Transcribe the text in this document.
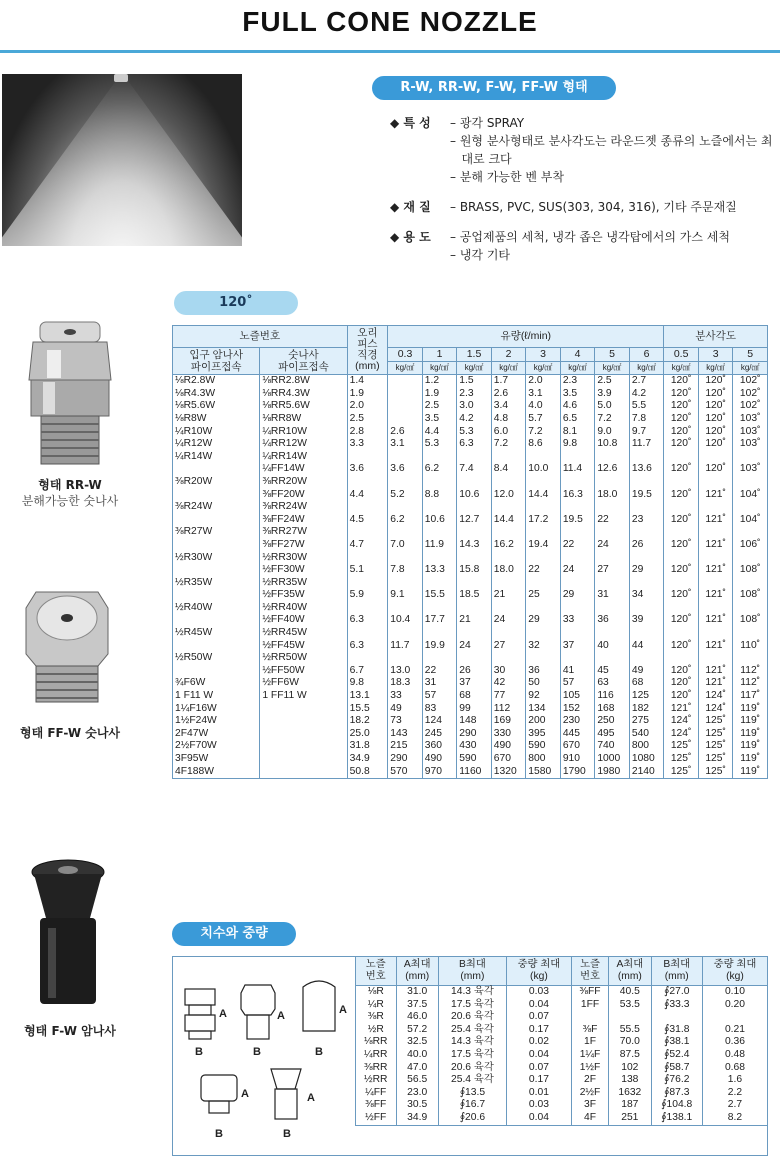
FULL CONE NOZZLE
R-W, RR-W, F-W, FF-W 형태
◆ 특 성	– 광각 SPRAY
– 원형 분사형태로 분사각도는 라운드젯 종류의 노즐에서는 최
대로 크다
– 분해 가능한 벤 부착
◆ 재 질	– BRASS, PVC, SUS(303, 304, 316), 기타 주문재질
◆ 용 도	– 공업제품의 세척, 냉각 좁은 냉각탑에서의 가스 세척
– 냉각 기타
120˚
형태 RR-W
분해가능한 숫나사
형태 FF-W 숫나사
형태 F-W 암나사
노즐번호		오리
피스
직경
(mm)	유량(ℓ/min)								분사각도		
입구 암나사
파이프접속	숫나사
파이프접속		0.3	1	1.5	2	3	4	5	6	0.5	3	5
			kg/㎠	kg/㎠	kg/㎠	kg/㎠	kg/㎠	kg/㎠	kg/㎠	kg/㎠	kg/㎠	kg/㎠	kg/㎠
⅛R2.8W	⅛RR2.8W	1.4		1.2	1.5	1.7	2.0	2.3	2.5	2.7	120˚	120˚	102˚
⅛R4.3W	⅛RR4.3W	1.9		1.9	2.3	2.6	3.1	3.5	3.9	4.2	120˚	120˚	102˚
⅛R5.6W	⅛RR5.6W	2.0		2.5	3.0	3.4	4.0	4.6	5.0	5.5	120˚	120˚	102˚
⅛R8W	⅛RR8W	2.5		3.5	4.2	4.8	5.7	6.5	7.2	7.8	120˚	120˚	103˚
¼R10W	¼RR10W	2.8	2.6	4.4	5.3	6.0	7.2	8.1	9.0	9.7	120˚	120˚	103˚
¼R12W	¼RR12W	3.3	3.1	5.3	6.3	7.2	8.6	9.8	10.8	11.7	120˚	120˚	103˚
¼R14W	¼RR14W												
	¼FF14W	3.6	3.6	6.2	7.4	8.4	10.0	11.4	12.6	13.6	120˚	120˚	103˚
⅜R20W	⅜RR20W												
	⅜FF20W	4.4	5.2	8.8	10.6	12.0	14.4	16.3	18.0	19.5	120˚	121˚	104˚
⅜R24W	⅜RR24W												
	⅜FF24W	4.5	6.2	10.6	12.7	14.4	17.2	19.5	22	23	120˚	121˚	104˚
⅜R27W	⅜RR27W												
	⅜FF27W	4.7	7.0	11.9	14.3	16.2	19.4	22	24	26	120˚	121˚	106˚
½R30W	½RR30W												
	½FF30W	5.1	7.8	13.3	15.8	18.0	22	24	27	29	120˚	121˚	108˚
½R35W	½RR35W												
	½FF35W	5.9	9.1	15.5	18.5	21	25	29	31	34	120˚	121˚	108˚
½R40W	½RR40W												
	½FF40W	6.3	10.4	17.7	21	24	29	33	36	39	120˚	121˚	108˚
½R45W	½RR45W												
	½FF45W	6.3	11.7	19.9	24	27	32	37	40	44	120˚	121˚	110˚
½R50W	½RR50W												
	½FF50W	6.7	13.0	22	26	30	36	41	45	49	120˚	121˚	112˚
¾F6W	½FF6W	9.8	18.3	31	37	42	50	57	63	68	120˚	121˚	112˚
1 F11 W	1 FF11 W	13.1	33	57	68	77	92	105	116	125	120˚	124˚	117˚
1¼F16W		15.5	49	83	99	112	134	152	168	182	121˚	124˚	119˚
1½F24W		18.2	73	124	148	169	200	230	250	275	124˚	125˚	119˚
2F47W		25.0	143	245	290	330	395	445	495	540	124˚	125˚	119˚
2½F70W		31.8	215	360	430	490	590	670	740	800	125˚	125˚	119˚
3F95W		34.9	290	490	590	670	800	910	1000	1080	125˚	125˚	119˚
4F188W		50.8	570	970	1160	1320	1580	1790	1980	2140	125˚	125˚	119˚
치수와 중량
A	A	A
B	B	B
A	A
B	B
노즐
번호	A최대
(mm)	B최대
(mm)	중량 최대
(kg)	노즐
번호	A최대
(mm)	B최대
(mm)	중량 최대
(kg)
⅛R	31.0	14.3 육각	0.03	⅜FF	40.5	∮27.0	0.10
¼R	37.5	17.5 육각	0.04	1FF	53.5	∮33.3	0.20
⅜R	46.0	20.6 육각	0.07				
½R	57.2	25.4 육각	0.17	⅜F	55.5	∮31.8	0.21
⅛RR	32.5	14.3 육각	0.02	1F	70.0	∮38.1	0.36
¼RR	40.0	17.5 육각	0.04	1¼F	87.5	∮52.4	0.48
⅜RR	47.0	20.6 육각	0.07	1½F	102	∮58.7	0.68
½RR	56.5	25.4 육각	0.17	2F	138	∮76.2	1.6
¼FF	23.0	∮13.5	0.01	2½F	1632	∮87.3	2.2
⅜FF	30.5	∮16.7	0.03	3F	187	∮104.8	2.7
½FF	34.9	∮20.6	0.04	4F	251	∮138.1	8.2
